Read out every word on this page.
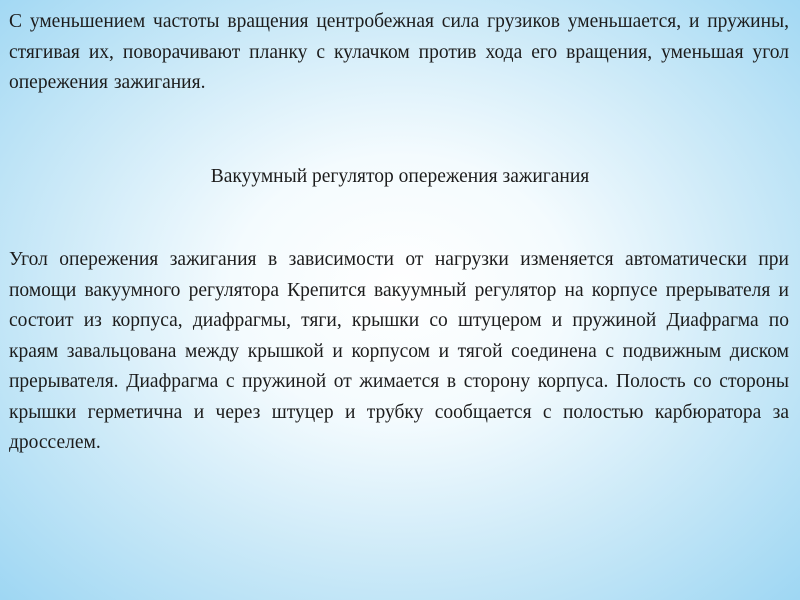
С уменьшением частоты вращения центробежная сила грузиков уменьшается, и пружины, стягивая их, поворачивают планку с кулачком против хода его вращения, уменьшая угол опережения зажигания.

Вакуумный регулятор опережения зажигания

Угол опережения зажигания в зависимости от нагрузки изменяется автоматически при помощи вакуумного регулятора Крепится вакуумный регулятор на корпусе прерывателя и состоит из корпуса, диафрагмы, тяги, крышки со штуцером и пружиной Диафрагма по краям завальцована между крышкой и корпусом и тягой соединена с подвижным диском прерывателя. Диафрагма с пружиной от жимается в сторону корпуса. Полость со стороны крышки герметична и через штуцер и трубку сообщается с полостью карбюратора за дросселем.
